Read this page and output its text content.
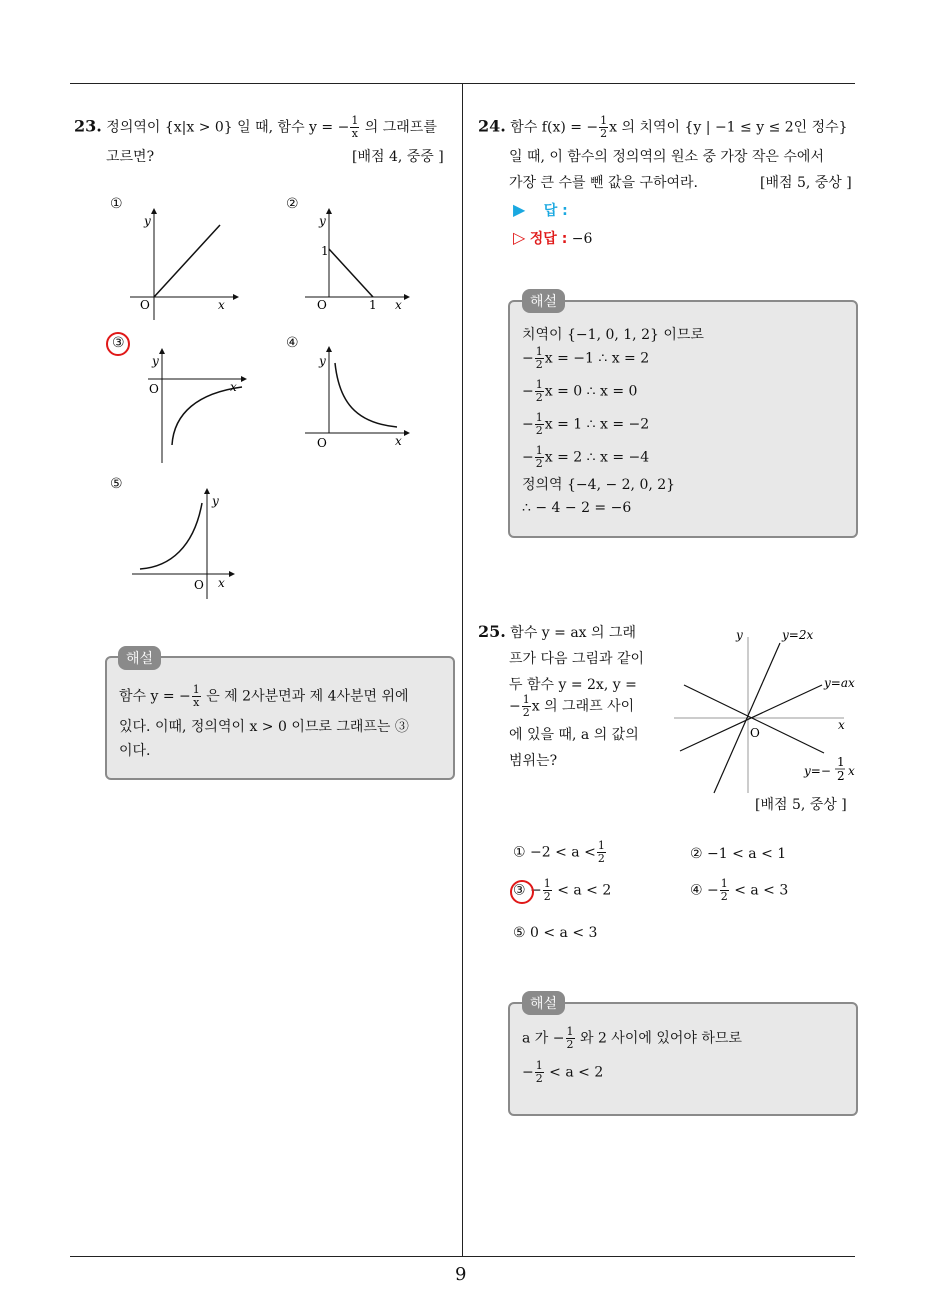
9
23. 정의역이 {x|x > 0} 일 때, 함수 y = − $\frac{1}{x}$ 의 그래프를
고르면?	[배점 4, 중중 ]
①	②
③	④
⑤
y
x
O
y
1
O	1 x
y
O	x
y
O	x
y
O x
함수 y = − $\frac{1}{x}$ 은 제 2사분면과 제 4사분면 위에
있다. 이때, 정의역이 x > 0 이므로 그래프는 ③
이다.
해설
24. 함수 f(x) = − $\frac{1}{2}$ x 의 치역이 {y | −1 ≤ y ≤ 2인 정수}
일 때, 이 함수의 정의역의 원소 중 가장 작은 수에서
가장 큰 수를 뺀 값을 구하여라.	[배점 5, 중상 ]
▶ 답 :
▷ 정답 : −6
치역이 {−1, 0, 1, 2} 이므로
− $\frac{1}{2}$ x = −1 ∴ x = 2
− $\frac{1}{2}$ x = 0 ∴ x = 0
− $\frac{1}{2}$ x = 1 ∴ x = −2
− $\frac{1}{2}$ x = 2 ∴ x = −4
정의역 {−4, − 2, 0, 2}
∴ − 4 − 2 = −6
해설
25. 함수 y = ax 의 그래
프가 다음 그림과 같이
두 함수 y = 2x, y =
− $\frac{1}{2}$ x 의 그래프 사이
에 있을 때, a 의 값의
범위는?
y
x
O
y=2x
y=ax
y=−
1
2 x
[배점 5, 중상 ]
① $-2 < a < \frac{1}{2}$	② −1 < a < 1
③ − $\frac{1}{2} < a < 2$	④ − $\frac{1}{2} < a < 3$
⑤ 0 < a < 3
a 가 − $\frac{1}{2}$ 와 2 사이에 있어야 하므로
− $\frac{1}{2} < a < 2$
해설
